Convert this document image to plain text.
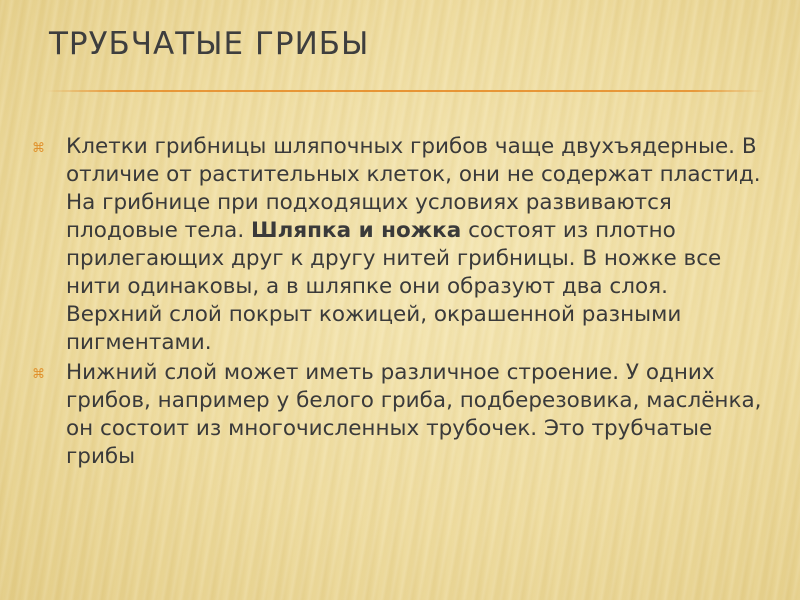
ТРУБЧАТЫЕ ГРИБЫ
⌘ Клетки грибницы шляпочных грибов чаще двухъядерные. В отличие от растительных клеток, они не содержат пластид. На грибнице при подходящих условиях развиваются плодовые тела. Шляпка и ножка состоят из плотно прилегающих друг к другу нитей грибницы. В ножке все нити одинаковы, а в шляпке они образуют два слоя. Верхний слой покрыт кожицей, окрашенной разными пигментами.
⌘ Нижний слой может иметь различное строение. У одних грибов, например у белого гриба, подберезовика, маслёнка, он состоит из многочисленных трубочек. Это трубчатые грибы
